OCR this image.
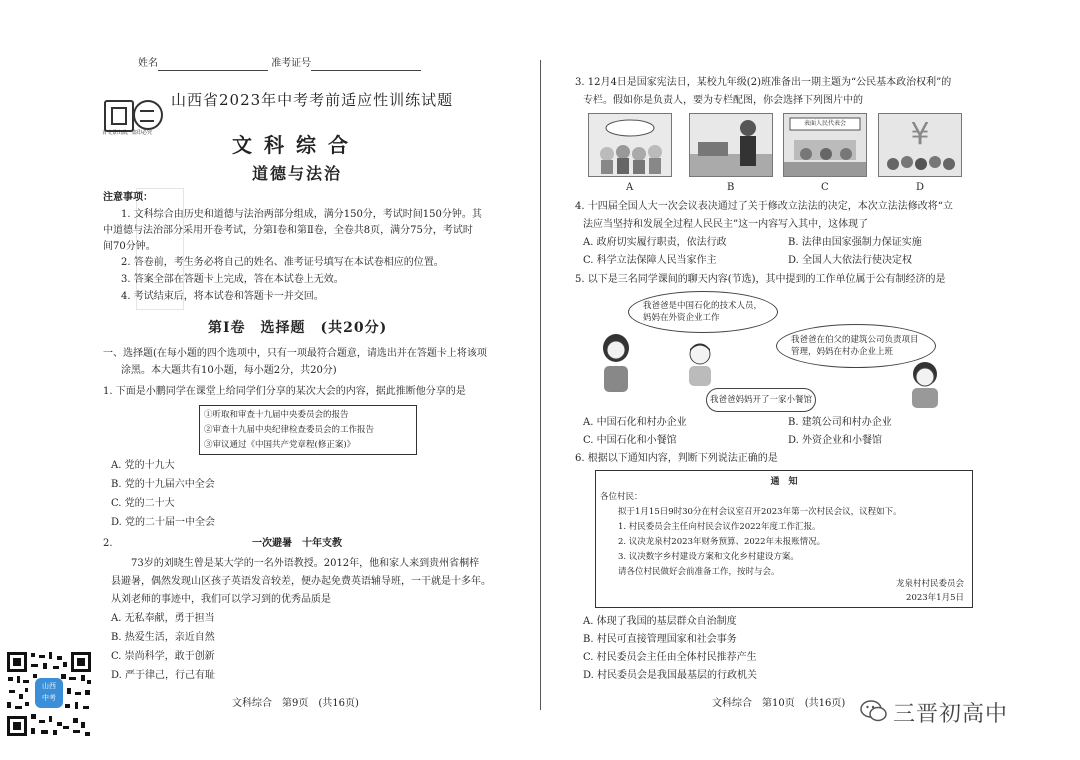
姓名	准考证号
青文景出品，盗印必究
山西省2023年中考考前适应性训练试题
文科综合
道德与法治
注意事项：
1. 文科综合由历史和道德与法治两部分组成，满分150分，考试时间150分钟。其
中道德与法治部分采用开卷考试，分第Ⅰ卷和第Ⅱ卷，全卷共8页，满分75分，考试时
间70分钟。
2. 答卷前，考生务必将自己的姓名、准考证号填写在本试卷相应的位置。
3. 答案全部在答题卡上完成，答在本试卷上无效。
4. 考试结束后，将本试卷和答题卡一并交回。
第Ⅰ卷　选择题　(共20分)
一、选择题(在每小题的四个选项中，只有一项最符合题意，请选出并在答题卡上将该项
涂黑。本大题共有10小题，每小题2分，共20分)
1. 下面是小鹏同学在课堂上给同学们分享的某次大会的内容，据此推断他分享的是
①听取和审查十九届中央委员会的报告
②审查十九届中央纪律检查委员会的工作报告
③审议通过《中国共产党章程(修正案)》
A. 党的十九大
B. 党的十九届六中全会
C. 党的二十大
D. 党的二十届一中全会
2.	一次避暑　十年支教
73岁的刘晓生曾是某大学的一名外语教授。2012年，他和家人来到贵州省桐梓
县避暑，偶然发现山区孩子英语发音较差，便办起免费英语辅导班，一干就是十多年。
从刘老师的事迹中，我们可以学习到的优秀品质是
A. 无私奉献，勇于担当
B. 热爱生活，亲近自然
C. 崇尚科学，敢于创新
D. 严于律己，行己有耻
文科综合　第9页　(共16页)
山西
中考
3. 12月4日是国家宪法日，某校九年级(2)班准备出一期主题为“公民基本政治权利”的
专栏。假如你是负责人，要为专栏配图，你会选择下列图片中的
表面人民代表会	¥
A	B	C	D
4. 十四届全国人大一次会议表决通过了关于修改立法法的决定，本次立法法修改将“立
法应当坚持和发展全过程人民民主”这一内容写入其中，这体现了
A. 政府切实履行职责，依法行政	B. 法律由国家强制力保证实施
C. 科学立法保障人民当家作主	D. 全国人大依法行使决定权
5. 以下是三名同学课间的聊天内容(节选)，其中提到的工作单位属于公有制经济的是
我爸爸是中国石化的技术人员，妈妈在外资企业工作
我爸爸在伯父的建筑公司负责项目管理，妈妈在村办企业上班
我爸爸妈妈开了一家小餐馆
A. 中国石化和村办企业	B. 建筑公司和村办企业
C. 中国石化和小餐馆	D. 外资企业和小餐馆
6. 根据以下通知内容，判断下列说法正确的是
通　知
各位村民：
拟于1月15日9时30分在村会议室召开2023年第一次村民会议，议程如下。
1. 村民委员会主任向村民会议作2022年度工作汇报。
2. 议决龙泉村2023年财务预算、2022年未报账情况。
3. 议决数字乡村建设方案和文化乡村建设方案。
请各位村民做好会前准备工作，按时与会。
龙泉村村民委员会
2023年1月5日
A. 体现了我国的基层群众自治制度
B. 村民可直接管理国家和社会事务
C. 村民委员会主任由全体村民推荐产生
D. 村民委员会是我国最基层的行政机关
文科综合　第10页　(共16页) 三晋初高中
